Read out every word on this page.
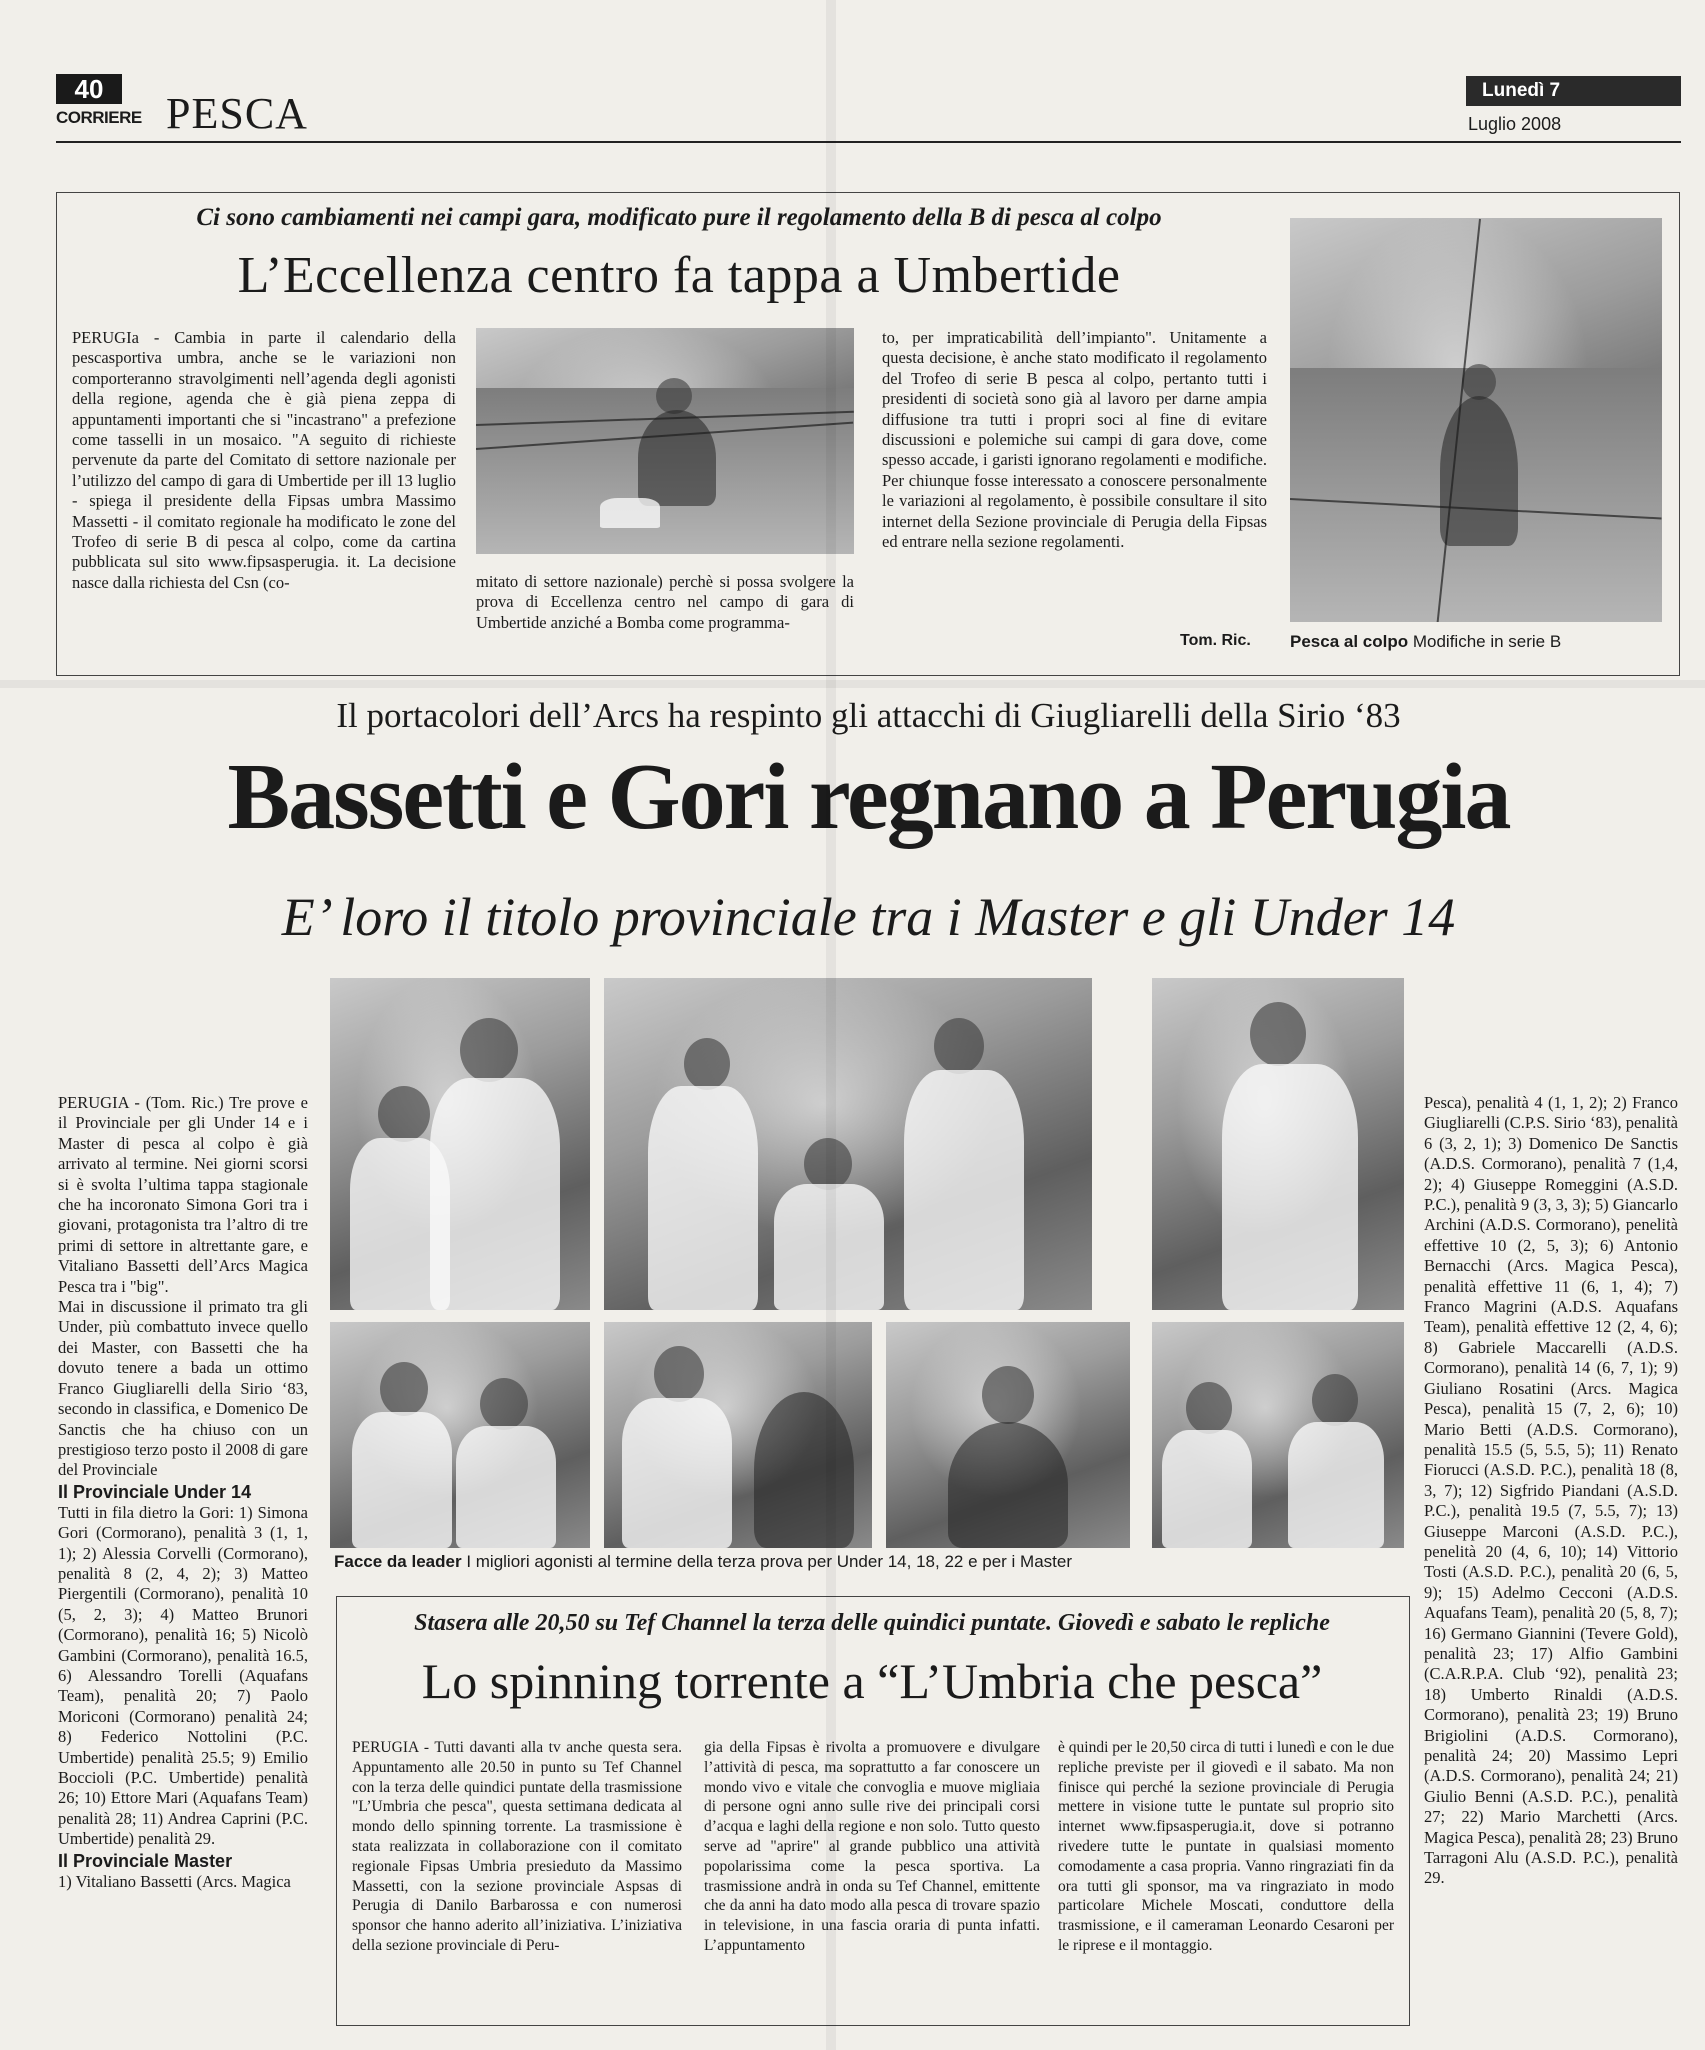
40
CORRIERE PESCA	Lunedì 7
Luglio 2008
Ci sono cambiamenti nei campi gara, modificato pure il regolamento della B di pesca al colpo
L’Eccellenza centro fa tappa a Umbertide
PERUGIa - Cambia in parte il calendario della pescasportiva umbra, anche se le variazioni non comporteranno stravolgimenti nell’agenda degli agonisti della regione, agenda che è già piena zeppa di appuntamenti importanti che si "incastrano" a prefezione come tasselli in un mosaico. "A seguito di richieste pervenute da parte del Comitato di settore nazionale per l’utilizzo del campo di gara di Umbertide per ill 13 luglio - spiega il presidente della Fipsas umbra Massimo Massetti - il comitato regionale ha modificato le zone del Trofeo di serie B di pesca al colpo, come da cartina pubblicata sul sito www.fipsasperugia. it. La decisione nasce dalla richiesta del Csn (co-	mitato di settore nazionale) perchè si possa svolgere la prova di Eccellenza centro nel campo di gara di Umbertide anziché a Bomba come programma-
to, per impraticabilità dell’impianto". Unitamente a questa decisione, è anche stato modificato il regolamento del Trofeo di serie B pesca al colpo, pertanto tutti i presidenti di società sono già al lavoro per darne ampia diffusione tra tutti i propri soci al fine di evitare discussioni e polemiche sui campi di gara dove, come spesso accade, i garisti ignorano regolamenti e modifiche. Per chiunque fosse interessato a conoscere personalmente le variazioni al regolamento, è possibile consultare il sito internet della Sezione provinciale di Perugia della Fipsas ed entrare nella sezione regolamenti.
Tom. Ric. Pesca al colpo Modifiche in serie B
Il portacolori dell’Arcs ha respinto gli attacchi di Giugliarelli della Sirio ‘83
Bassetti e Gori regnano a Perugia
E’ loro il titolo provinciale tra i Master e gli Under 14
Facce da leader I migliori agonisti al termine della terza prova per Under 14, 18, 22 e per i Master
PERUGIA - (Tom. Ric.) Tre prove e il Provinciale per gli Under 14 e i Master di pesca al colpo è già arrivato al termine. Nei giorni scorsi si è svolta l’ultima tappa stagionale che ha incoronato Simona Gori tra i giovani, protagonista tra l’altro di tre primi di settore in altrettante gare, e Vitaliano Bassetti dell’Arcs Magica Pesca tra i "big".
Mai in discussione il primato tra gli Under, più combattuto invece quello dei Master, con Bassetti che ha dovuto tenere a bada un ottimo Franco Giugliarelli della Sirio ‘83, secondo in classifica, e Domenico De Sanctis che ha chiuso con un prestigioso terzo posto il 2008 di gare del Provinciale
Il Provinciale Under 14
Tutti in fila dietro la Gori: 1) Simona Gori (Cormorano), penalità 3 (1, 1, 1); 2) Alessia Corvelli (Cormorano), penalità 8 (2, 4, 2); 3) Matteo Piergentili (Cormorano), penalità 10 (5, 2, 3); 4) Matteo Brunori (Cormorano), penalità 16; 5) Nicolò Gambini (Cormorano), penalità 16.5, 6) Alessandro Torelli (Aquafans Team), penalità 20; 7) Paolo Moriconi (Cormorano) penalità 24; 8) Federico Nottolini (P.C. Umbertide) penalità 25.5; 9) Emilio Boccioli (P.C. Umbertide) penalità 26; 10) Ettore Mari (Aquafans Team) penalità 28; 11) Andrea Caprini (P.C. Umbertide) penalità 29.
Il Provinciale Master
1) Vitaliano Bassetti (Arcs. Magica
Pesca), penalità 4 (1, 1, 2); 2) Franco Giugliarelli (C.P.S. Sirio ‘83), penalità 6 (3, 2, 1); 3) Domenico De Sanctis (A.D.S. Cormorano), penalità 7 (1,4, 2); 4) Giuseppe Romeggini (A.S.D. P.C.), penalità 9 (3, 3, 3); 5) Giancarlo Archini (A.D.S. Cormorano), penelità effettive 10 (2, 5, 3); 6) Antonio Bernacchi (Arcs. Magica Pesca), penalità effettive 11 (6, 1, 4); 7) Franco Magrini (A.D.S. Aquafans Team), penalità effettive 12 (2, 4, 6); 8) Gabriele Maccarelli (A.D.S. Cormorano), penalità 14 (6, 7, 1); 9) Giuliano Rosatini (Arcs. Magica Pesca), penalità 15 (7, 2, 6); 10) Mario Betti (A.D.S. Cormorano), penalità 15.5 (5, 5.5, 5); 11) Renato Fiorucci (A.S.D. P.C.), penalità 18 (8, 3, 7); 12) Sigfrido Piandani (A.S.D. P.C.), penalità 19.5 (7, 5.5, 7); 13) Giuseppe Marconi (A.S.D. P.C.), penelità 20 (4, 6, 10); 14) Vittorio Tosti (A.S.D. P.C.), penalità 20 (6, 5, 9); 15) Adelmo Cecconi (A.D.S. Aquafans Team), penalità 20 (5, 8, 7); 16) Germano Giannini (Tevere Gold), penalità 23; 17) Alfio Gambini (C.A.R.P.A. Club ‘92), penalità 23; 18) Umberto Rinaldi (A.D.S. Cormorano), penalità 23; 19) Bruno Brigiolini (A.D.S. Cormorano), penalità 24; 20) Massimo Lepri (A.D.S. Cormorano), penalità 24; 21) Giulio Benni (A.S.D. P.C.), penalità 27; 22) Mario Marchetti (Arcs. Magica Pesca), penalità 28; 23) Bruno Tarragoni Alu (A.S.D. P.C.), penalità 29.
Stasera alle 20,50 su Tef Channel la terza delle quindici puntate. Giovedì e sabato le repliche
Lo spinning torrente a “L’Umbria che pesca”
PERUGIA - Tutti davanti alla tv anche questa sera. Appuntamento alle 20.50 in punto su Tef Channel con la terza delle quindici puntate della trasmissione "L’Umbria che pesca", questa settimana dedicata al mondo dello spinning torrente. La trasmissione è stata realizzata in collaborazione con il comitato regionale Fipsas Umbria presieduto da Massimo Massetti, con la sezione provinciale Aspsas di Perugia di Danilo Barbarossa e con numerosi sponsor che hanno aderito all’iniziativa. L’iniziativa della sezione provinciale di Peru-
gia della Fipsas è rivolta a promuovere e divulgare l’attività di pesca, ma soprattutto a far conoscere un mondo vivo e vitale che convoglia e muove migliaia di persone ogni anno sulle rive dei principali corsi d’acqua e laghi della regione e non solo. Tutto questo serve ad "aprire" al grande pubblico una attività popolarissima come la pesca sportiva. La trasmissione andrà in onda su Tef Channel, emittente che da anni ha dato modo alla pesca di trovare spazio in televisione, in una fascia oraria di punta infatti. L’appuntamento
è quindi per le 20,50 circa di tutti i lunedì e con le due repliche previste per il giovedì e il sabato. Ma non finisce qui perché la sezione provinciale di Perugia mettere in visione tutte le puntate sul proprio sito internet www.fipsasperugia.it, dove si potranno rivedere tutte le puntate in qualsiasi momento comodamente a casa propria. Vanno ringraziati fin da ora tutti gli sponsor, ma va ringraziato in modo particolare Michele Moscati, conduttore della trasmissione, e il cameraman Leonardo Cesaroni per le riprese e il montaggio.
